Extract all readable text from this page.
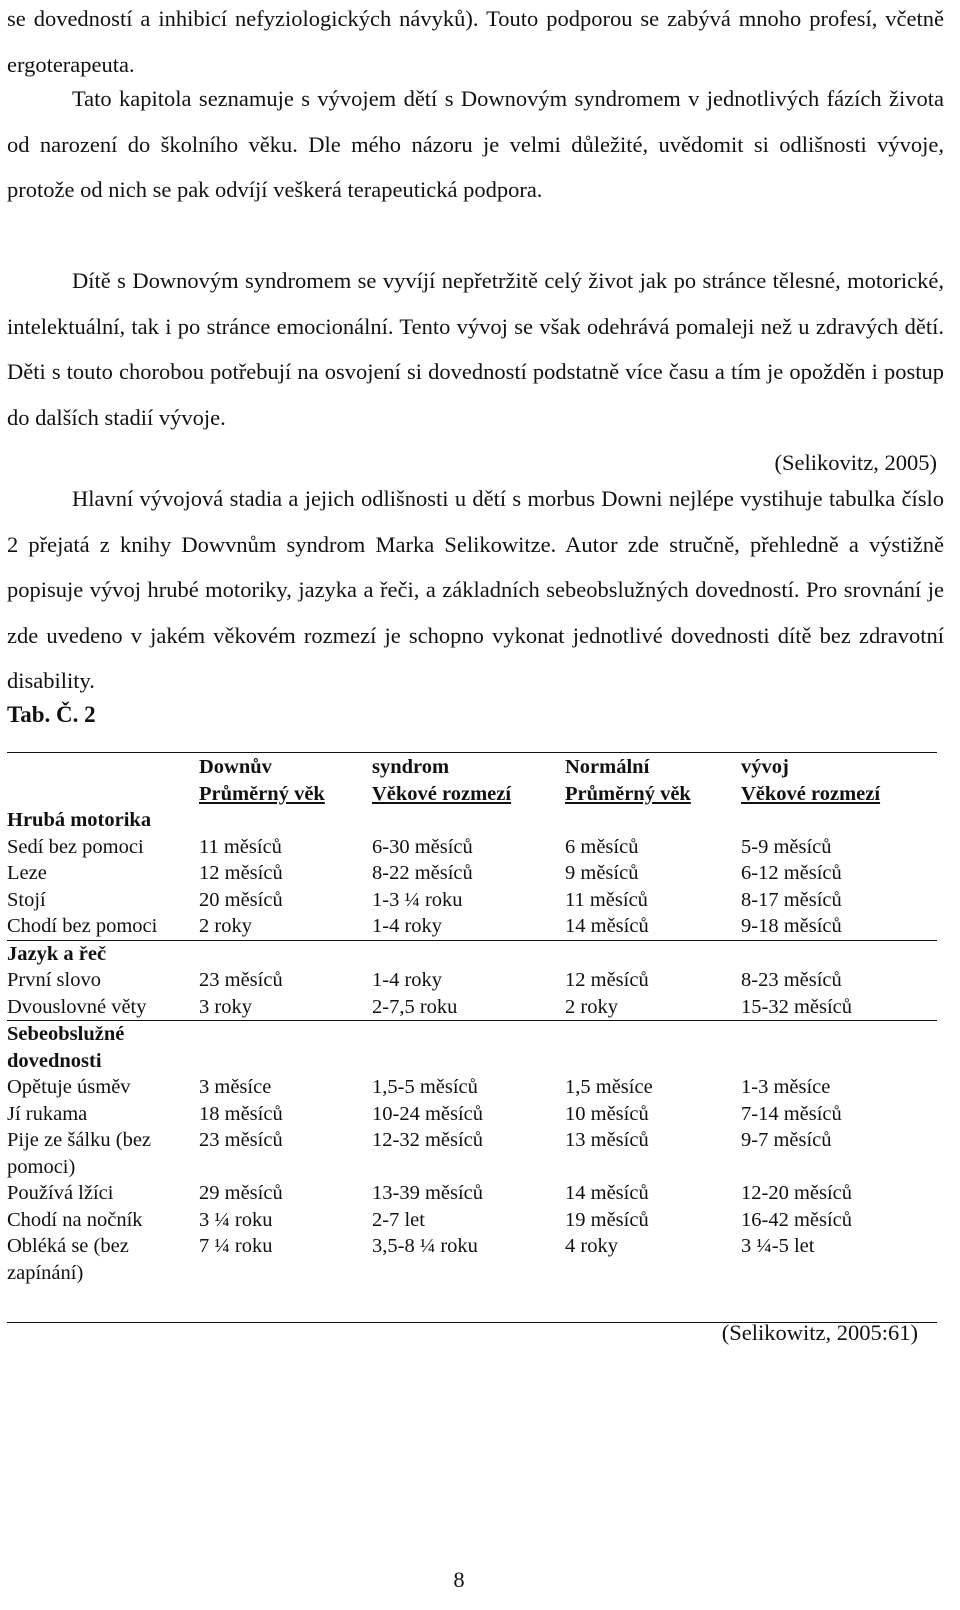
se dovedností a inhibicí nefyziologických návyků). Touto podporou se zabývá mnoho profesí, včetně ergoterapeuta.

Tato kapitola seznamuje s vývojem dětí s Downovým syndromem v jednotlivých fázích života od narození do školního věku. Dle mého názoru je velmi důležité, uvědomit si odlišnosti vývoje, protože od nich se pak odvíjí veškerá terapeutická podpora.

Dítě s Downovým syndromem se vyvíjí nepřetržitě celý život jak po stránce tělesné, motorické, intelektuální, tak i po stránce emocionální. Tento vývoj se však odehrává pomaleji než u zdravých dětí. Děti s touto chorobou potřebují na osvojení si dovedností podstatně více času a tím je opožděn i postup do dalších stadií vývoje.

(Selikovitz, 2005)

Hlavní vývojová stadia a jejich odlišnosti u dětí s morbus Downi nejlépe vystihuje tabulka číslo 2 přejatá z knihy Dowvnům syndrom Marka Selikowitze. Autor zde stručně, přehledně a výstižně popisuje vývoj hrubé motoriky, jazyka a řeči, a základních sebeobslužných dovedností. Pro srovnání je zde uvedeno v jakém věkovém rozmezí je schopno vykonat jednotlivé dovednosti dítě bez zdravotní disability.

Tab. Č. 2
	Downův	syndrom	Normální	vývoj
	Průměrný věk	Věkové rozmezí	Průměrný věk	Věkové rozmezí
Hrubá motorika				
Sedí bez pomoci	11 měsíců	6-30 měsíců	6 měsíců	5-9 měsíců
Leze	12 měsíců	8-22 měsíců	9 měsíců	6-12 měsíců
Stojí	20 měsíců	1-3 ¼ roku	11 měsíců	8-17 měsíců
Chodí bez pomoci	2 roky	1-4 roky	14 měsíců	9-18 měsíců
Jazyk a řeč				
První slovo	23 měsíců	1-4 roky	12 měsíců	8-23 měsíců
Dvouslovné věty	3 roky	2-7,5 roku	2 roky	15-32 měsíců
Sebeobslužné dovednosti				
Opětuje úsměv	3 měsíce	1,5-5 měsíců	1,5 měsíce	1-3 měsíce
Jí rukama	18 měsíců	10-24 měsíců	10 měsíců	7-14 měsíců
Pije ze šálku (bez pomoci)	23 měsíců	12-32 měsíců	13 měsíců	9-7 měsíců
Používá lžíci	29 měsíců	13-39 měsíců	14 měsíců	12-20 měsíců
Chodí na nočník	3 ¼ roku	2-7 let	19 měsíců	16-42 měsíců
Obléká se (bez zapínání)	7 ¼ roku	3,5-8 ¼ roku	4 roky	3 ¼-5 let
(Selikowitz, 2005:61)
8
